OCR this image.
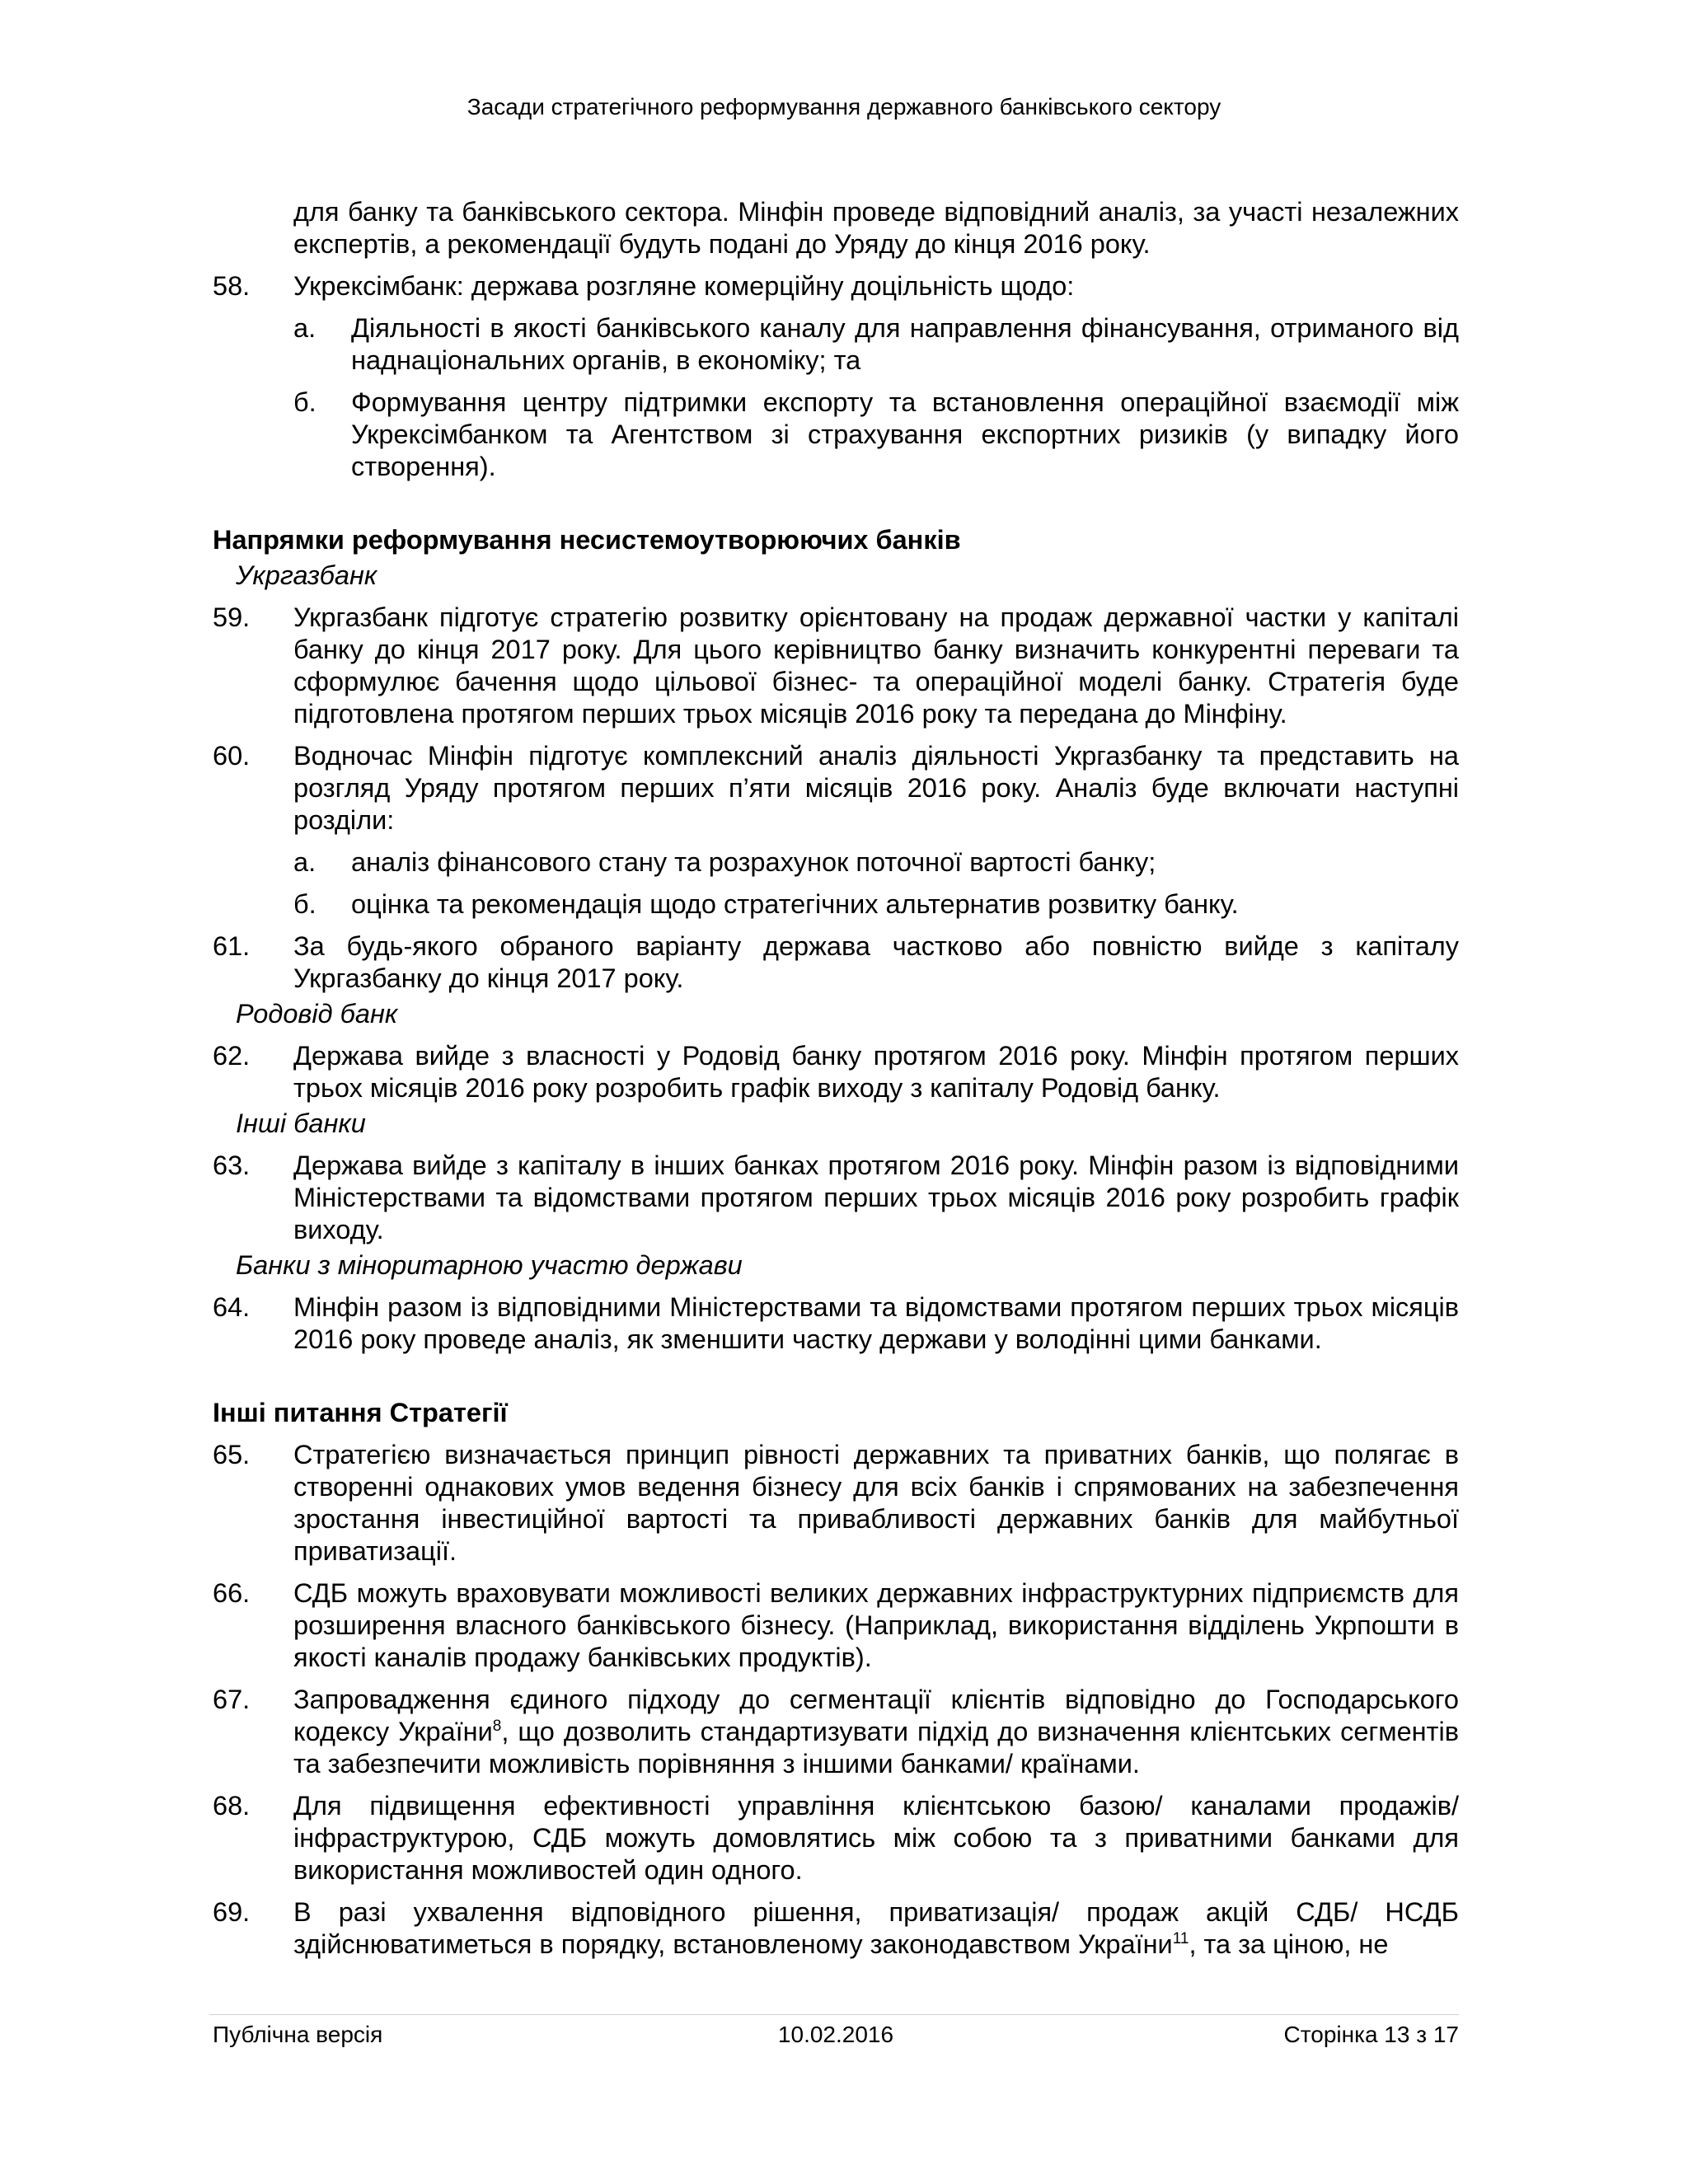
Засади стратегічного реформування державного банківського сектору
для банку та банківського сектора. Мінфін проведе відповідний аналіз, за участі незалежних експертів, а рекомендації будуть подані до Уряду до кінця 2016 року.
58.	Укрексімбанк: держава розгляне комерційну доцільність щодо:
а.	Діяльності в якості банківського каналу для направлення фінансування, отриманого від наднаціональних органів, в економіку; та
б.	Формування центру підтримки експорту та встановлення операційної взаємодії між Укрексімбанком та Агентством зі страхування експортних ризиків (у випадку його створення).
Напрямки реформування несистемоутворюючих банків
Укргазбанк
59.	Укргазбанк підготує стратегію розвитку орієнтовану на продаж державної частки у капіталі банку до кінця 2017 року. Для цього керівництво банку визначить конкурентні переваги та сформулює бачення щодо цільової бізнес- та операційної моделі банку. Стратегія буде підготовлена протягом перших трьох місяців 2016 року та передана до Мінфіну.
60.	Водночас Мінфін підготує комплексний аналіз діяльності Укргазбанку та представить на розгляд Уряду протягом перших п’яти місяців 2016 року. Аналіз буде включати наступні розділи:
а.	аналіз фінансового стану та розрахунок поточної вартості банку;
б.	оцінка та рекомендація щодо стратегічних альтернатив розвитку банку.
61.	За будь-якого обраного варіанту держава частково або повністю вийде з капіталу Укргазбанку до кінця 2017 року.
Родовід банк
62.	Держава вийде з власності у Родовід банку протягом 2016 року. Мінфін протягом перших трьох місяців 2016 року розробить графік виходу з капіталу Родовід банку.
Інші банки
63.	Держава вийде з капіталу в інших банках протягом 2016 року. Мінфін разом із відповідними Міністерствами та відомствами протягом перших трьох місяців 2016 року розробить графік виходу.
Банки з міноритарною участю держави
64.	Мінфін разом із відповідними Міністерствами та відомствами протягом перших трьох місяців 2016 року проведе аналіз, як зменшити частку держави у володінні цими банками.
Інші питання Стратегії
65.	Стратегією визначається принцип рівності державних та приватних банків, що полягає в створенні однакових умов ведення бізнесу для всіх банків і спрямованих на забезпечення зростання інвестиційної вартості та привабливості державних банків для майбутньої приватизації.
66.	СДБ можуть враховувати можливості великих державних інфраструктурних підприємств для розширення власного банківського бізнесу. (Наприклад, використання відділень Укрпошти в якості каналів продажу банківських продуктів).
67.	Запровадження єдиного підходу до сегментації клієнтів відповідно до Господарського кодексу України$^8$, що дозволить стандартизувати підхід до визначення клієнтських сегментів та забезпечити можливість порівняння з іншими банками/ країнами.
68.	Для підвищення ефективності управління клієнтською базою/ каналами продажів/ інфраструктурою, СДБ можуть домовлятись між собою та з приватними банками для використання можливостей один одного.
69.	В разі ухвалення відповідного рішення, приватизація/ продаж акцій СДБ/ НСДБ здійснюватиметься в порядку, встановленому законодавством України$^{11}$, та за ціною, не
Публічна версія	10.02.2016	Сторінка 13 з 17
